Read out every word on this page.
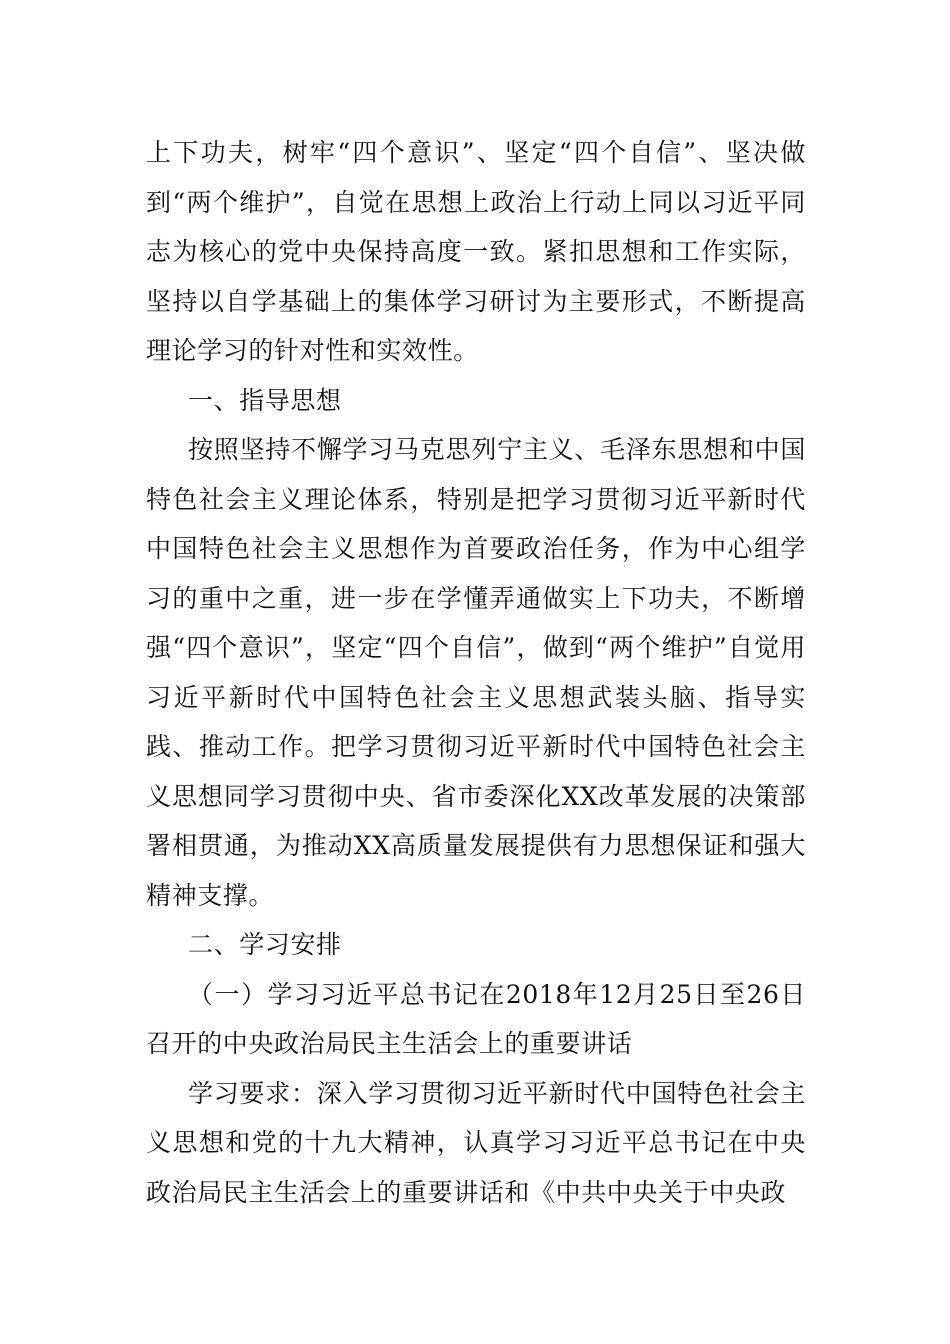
上下功夫，树牢“四个意识”、坚定“四个自信”、坚决做到“两个维护”，自觉在思想上政治上行动上同以习近平同志为核心的党中央保持高度一致。紧扣思想和工作实际，坚持以自学基础上的集体学习研讨为主要形式，不断提高理论学习的针对性和实效性。

一、指导思想

按照坚持不懈学习马克思列宁主义、毛泽东思想和中国特色社会主义理论体系，特别是把学习贯彻习近平新时代中国特色社会主义思想作为首要政治任务，作为中心组学习的重中之重，进一步在学懂弄通做实上下功夫，不断增强“四个意识”，坚定“四个自信”，做到“两个维护”自觉用习近平新时代中国特色社会主义思想武装头脑、指导实践、推动工作。把学习贯彻习近平新时代中国特色社会主义思想同学习贯彻中央、省市委深化XX改革发展的决策部署相贯通，为推动XX高质量发展提供有力思想保证和强大精神支撑。

二、学习安排

（一）学习习近平总书记在2018年12月25日至26日召开的中央政治局民主生活会上的重要讲话

学习要求：深入学习贯彻习近平新时代中国特色社会主义思想和党的十九大精神，认真学习习近平总书记在中央政治局民主生活会上的重要讲话和《中共中央关于中央政
